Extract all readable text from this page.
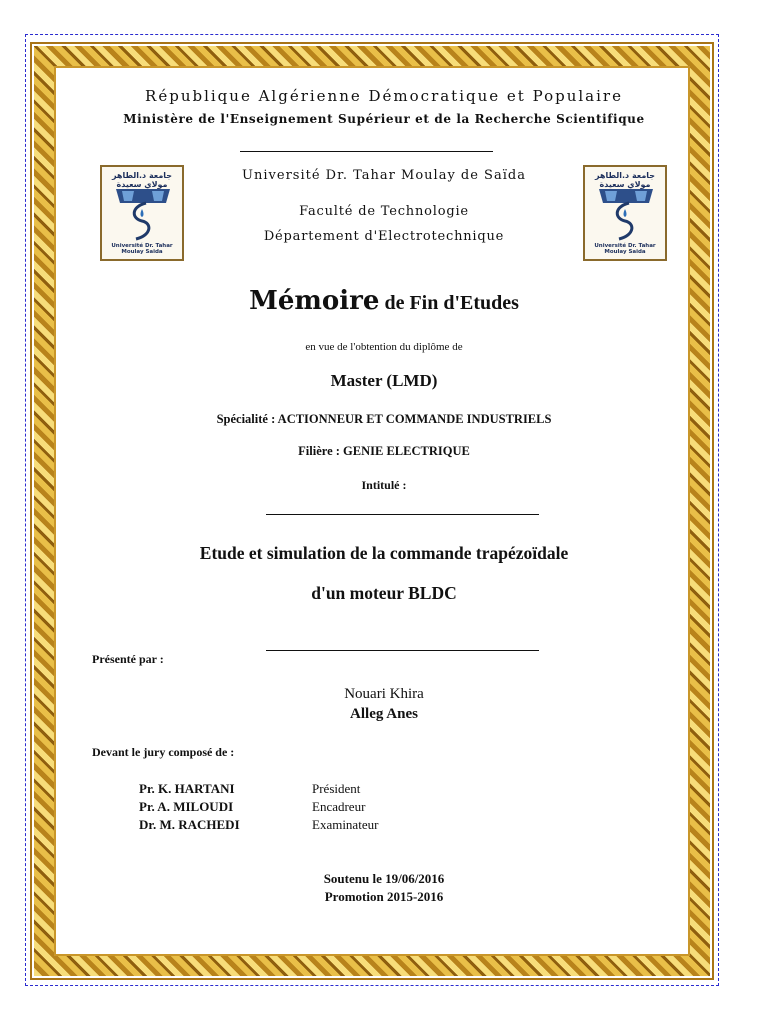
République Algérienne Démocratique et Populaire
Ministère de l'Enseignement Supérieur et de la Recherche Scientifique
Université Dr. Tahar Moulay de Saïda
Faculté de Technologie
Département d'Electrotechnique
جامعة د.الطاهر مولاي سعيدة
Université Dr. Tahar Moulay Saida
جامعة د.الطاهر مولاي سعيدة
Université Dr. Tahar Moulay Saida
Mémoire de Fin d'Etudes
en vue de l'obtention du diplôme de
Master (LMD)
Spécialité : ACTIONNEUR ET COMMANDE INDUSTRIELS
Filière : GENIE ELECTRIQUE
Intitulé :
Etude et simulation de la commande trapézoïdale
d'un moteur BLDC
Présenté par :
Nouari Khira
Alleg Anes
Devant le jury composé de :
Pr. K. HARTANI	Président
Pr. A. MILOUDI	Encadreur
Dr. M. RACHEDI	Examinateur
Soutenu le 19/06/2016
Promotion 2015-2016
